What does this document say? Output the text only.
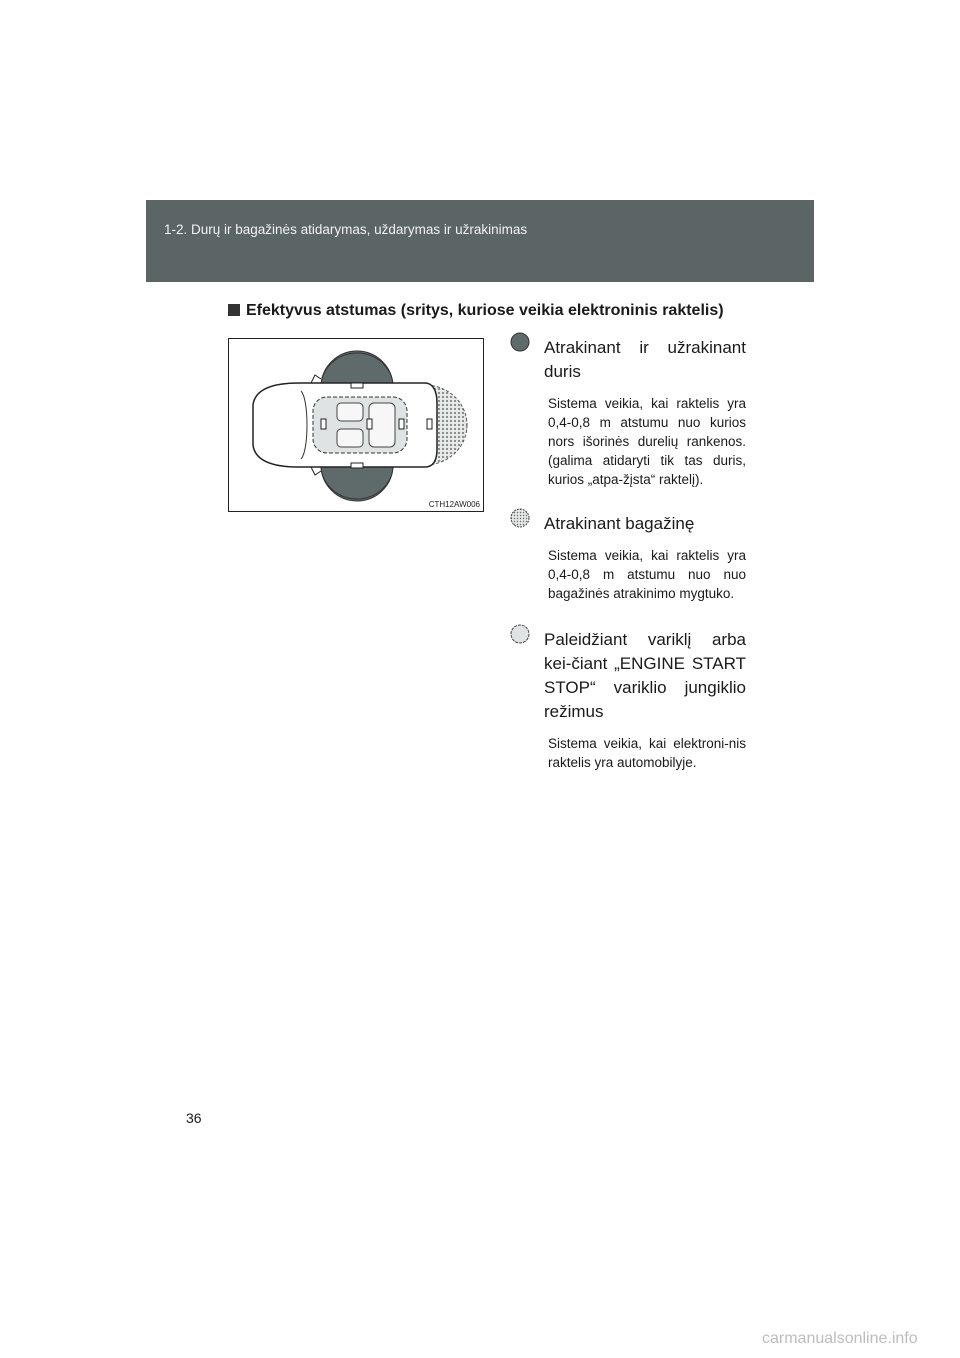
1-2. Durų ir bagažinės atidarymas, uždarymas ir užrakinimas
Efektyvus atstumas (sritys, kuriose veikia elektroninis raktelis)
CTH12AW006
Atrakinant ir užrakinant duris
Sistema veikia, kai raktelis yra 0,4-0,8 m atstumu nuo kurios nors išorinės durelių rankenos. (galima atidaryti tik tas duris, kurios „atpa-žįsta“ raktelį).
Atrakinant bagažinę
Sistema veikia, kai raktelis yra 0,4-0,8 m atstumu nuo nuo bagažinės atrakinimo mygtuko.
Paleidžiant variklį arba kei-čiant „ENGINE START STOP“ variklio jungiklio režimus
Sistema veikia, kai elektroni-nis raktelis yra automobilyje.
36
carmanualsonline.info
